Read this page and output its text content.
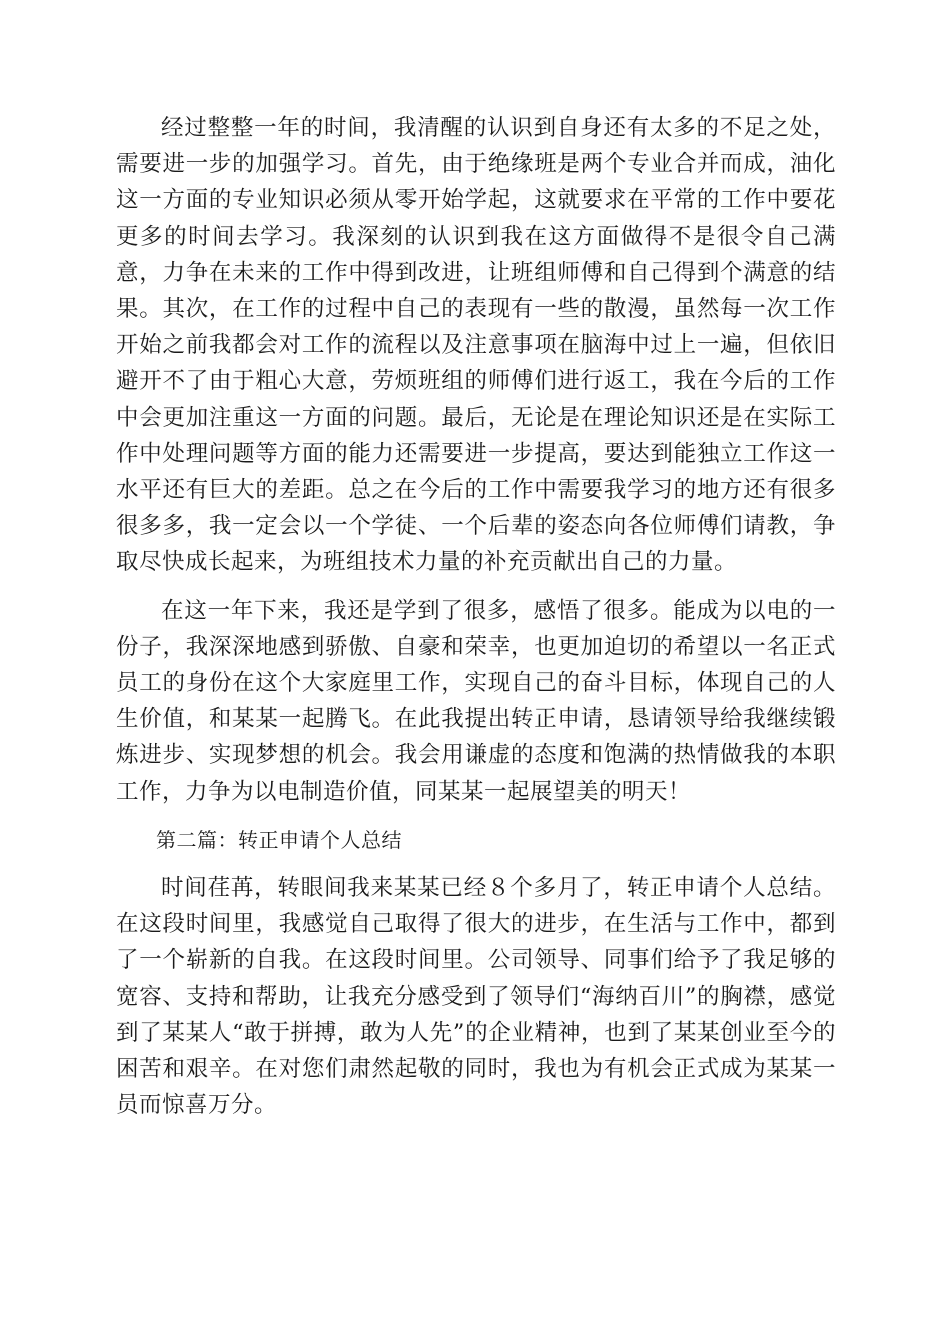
经过整整一年的时间，我清醒的认识到自身还有太多的不足之处，需要进一步的加强学习。首先，由于绝缘班是两个专业合并而成，油化这一方面的专业知识必须从零开始学起，这就要求在平常的工作中要花更多的时间去学习。我深刻的认识到我在这方面做得不是很令自己满意，力争在未来的工作中得到改进，让班组师傅和自己得到个满意的结果。其次，在工作的过程中自己的表现有一些的散漫，虽然每一次工作开始之前我都会对工作的流程以及注意事项在脑海中过上一遍，但依旧避开不了由于粗心大意，劳烦班组的师傅们进行返工，我在今后的工作中会更加注重这一方面的问题。最后，无论是在理论知识还是在实际工作中处理问题等方面的能力还需要进一步提高，要达到能独立工作这一水平还有巨大的差距。总之在今后的工作中需要我学习的地方还有很多很多多，我一定会以一个学徒、一个后辈的姿态向各位师傅们请教，争取尽快成长起来，为班组技术力量的补充贡献出自己的力量。

在这一年下来，我还是学到了很多，感悟了很多。能成为以电的一份子，我深深地感到骄傲、自豪和荣幸，也更加迫切的希望以一名正式员工的身份在这个大家庭里工作，实现自己的奋斗目标，体现自己的人生价值，和某某一起腾飞。在此我提出转正申请，恳请领导给我继续锻炼进步、实现梦想的机会。我会用谦虚的态度和饱满的热情做我的本职工作，力争为以电制造价值，同某某一起展望美的明天！

第二篇：转正申请个人总结

时间荏苒，转眼间我来某某已经８个多月了，转正申请个人总结。在这段时间里，我感觉自己取得了很大的进步，在生活与工作中，都到了一个崭新的自我。在这段时间里。公司领导、同事们给予了我足够的宽容、支持和帮助，让我充分感受到了领导们“海纳百川”的胸襟，感觉到了某某人“敢于拼搏，敢为人先”的企业精神，也到了某某创业至今的困苦和艰辛。在对您们肃然起敬的同时，我也为有机会正式成为某某一员而惊喜万分。
